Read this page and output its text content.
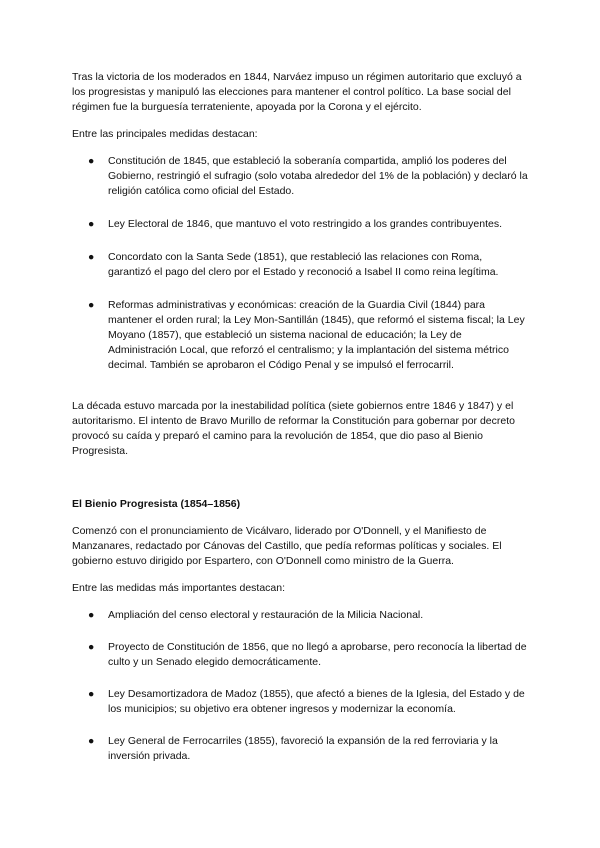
Tras la victoria de los moderados en 1844, Narváez impuso un régimen autoritario que excluyó a los progresistas y manipuló las elecciones para mantener el control político. La base social del régimen fue la burguesía terrateniente, apoyada por la Corona y el ejército.

Entre las principales medidas destacan:

● Constitución de 1845, que estableció la soberanía compartida, amplió los poderes del Gobierno, restringió el sufragio (solo votaba alrededor del 1% de la población) y declaró la religión católica como oficial del Estado.
● Ley Electoral de 1846, que mantuvo el voto restringido a los grandes contribuyentes.
● Concordato con la Santa Sede (1851), que restableció las relaciones con Roma, garantizó el pago del clero por el Estado y reconoció a Isabel II como reina legítima.
● Reformas administrativas y económicas: creación de la Guardia Civil (1844) para mantener el orden rural; la Ley Mon-Santillán (1845), que reformó el sistema fiscal; la Ley Moyano (1857), que estableció un sistema nacional de educación; la Ley de Administración Local, que reforzó el centralismo; y la implantación del sistema métrico decimal. También se aprobaron el Código Penal y se impulsó el ferrocarril.

La década estuvo marcada por la inestabilidad política (siete gobiernos entre 1846 y 1847) y el autoritarismo. El intento de Bravo Murillo de reformar la Constitución para gobernar por decreto provocó su caída y preparó el camino para la revolución de 1854, que dio paso al Bienio Progresista.

El Bienio Progresista (1854–1856)

Comenzó con el pronunciamiento de Vicálvaro, liderado por O'Donnell, y el Manifiesto de Manzanares, redactado por Cánovas del Castillo, que pedía reformas políticas y sociales. El gobierno estuvo dirigido por Espartero, con O'Donnell como ministro de la Guerra.

Entre las medidas más importantes destacan:

● Ampliación del censo electoral y restauración de la Milicia Nacional.
● Proyecto de Constitución de 1856, que no llegó a aprobarse, pero reconocía la libertad de culto y un Senado elegido democráticamente.
● Ley Desamortizadora de Madoz (1855), que afectó a bienes de la Iglesia, del Estado y de los municipios; su objetivo era obtener ingresos y modernizar la economía.
● Ley General de Ferrocarriles (1855), favoreció la expansión de la red ferroviaria y la inversión privada.
